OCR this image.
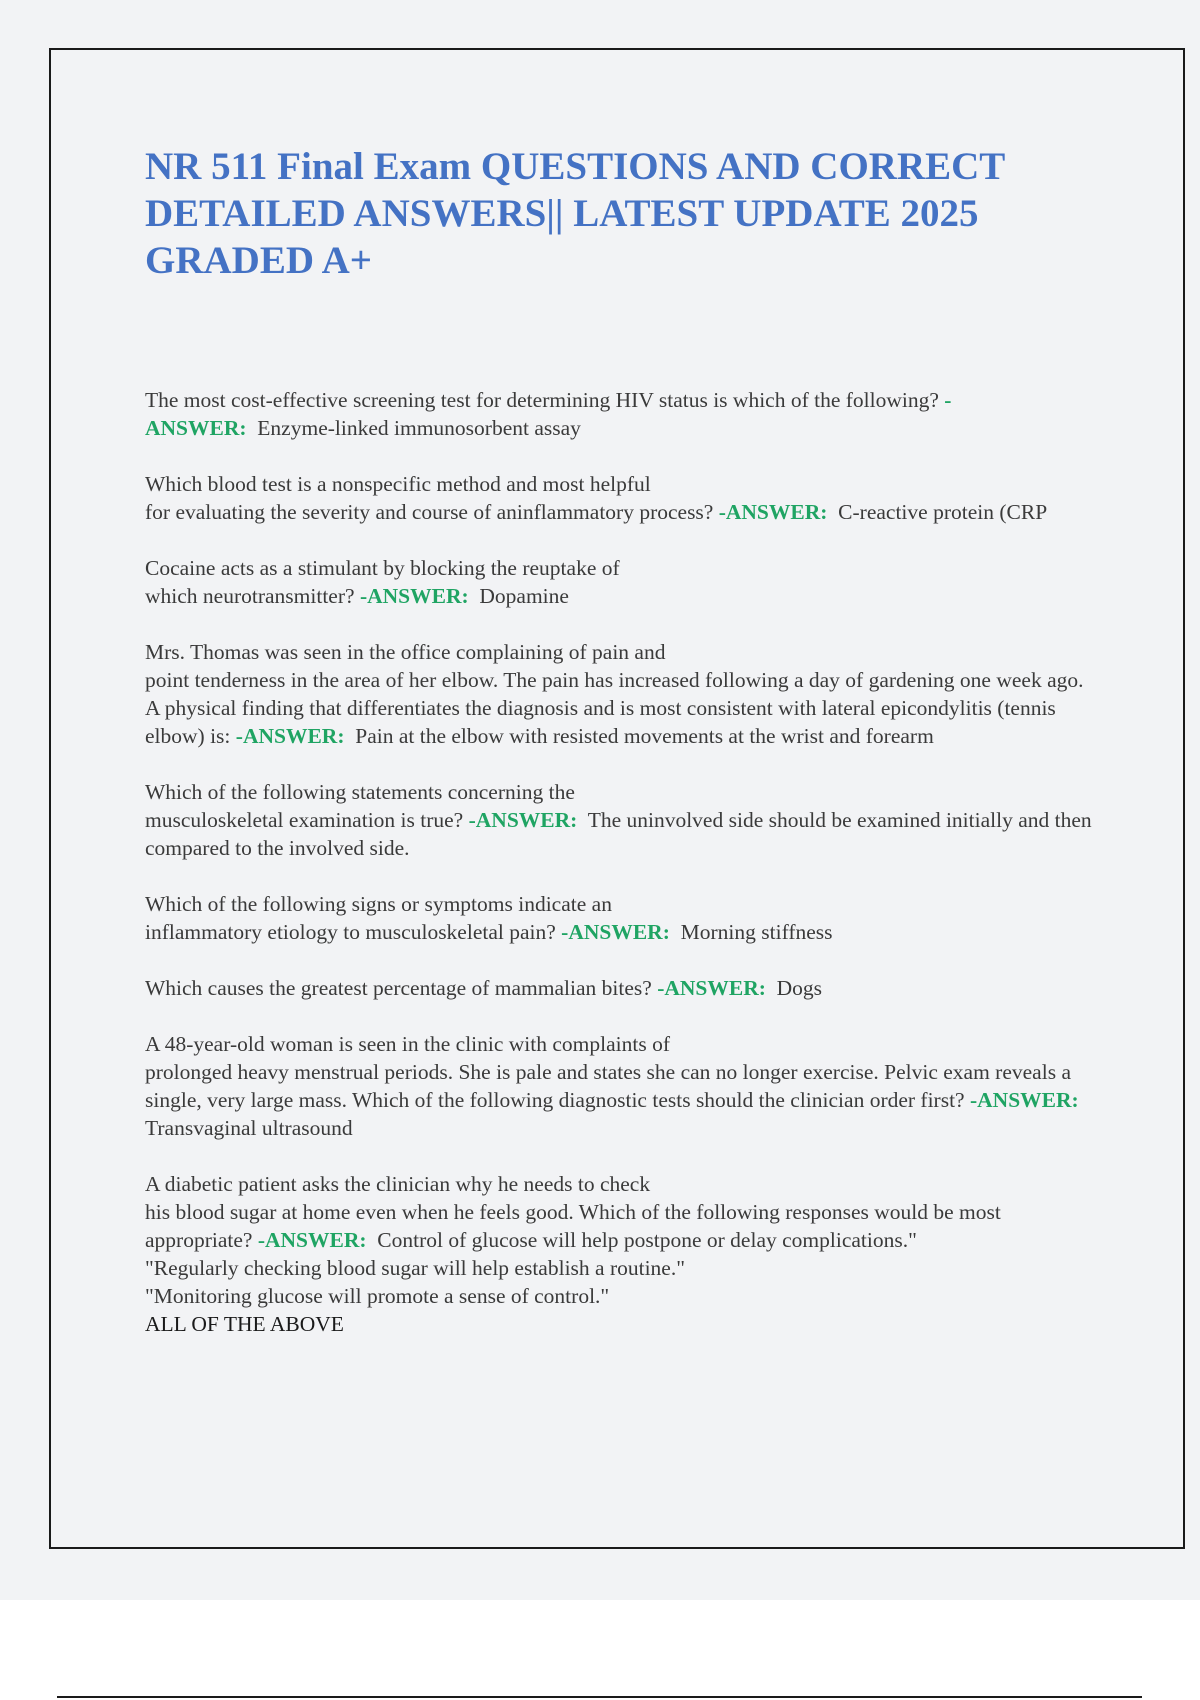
NR 511 Final Exam QUESTIONS AND CORRECT DETAILED ANSWERS|| LATEST UPDATE 2025 GRADED A+

The most cost-effective screening test for determining HIV status is which of the following? -
ANSWER: Enzyme-linked immunosorbent assay

Which blood test is a nonspecific method and most helpful
for evaluating the severity and course of aninflammatory process? -ANSWER: C-reactive protein (CRP

Cocaine acts as a stimulant by blocking the reuptake of
which neurotransmitter? -ANSWER: Dopamine

Mrs. Thomas was seen in the office complaining of pain and
point tenderness in the area of her elbow. The pain has increased following a day of gardening one week ago. A physical finding that differentiates the diagnosis and is most consistent with lateral epicondylitis (tennis elbow) is: -ANSWER: Pain at the elbow with resisted movements at the wrist and forearm

Which of the following statements concerning the
musculoskeletal examination is true? -ANSWER: The uninvolved side should be examined initially and then compared to the involved side.

Which of the following signs or symptoms indicate an
inflammatory etiology to musculoskeletal pain? -ANSWER: Morning stiffness

Which causes the greatest percentage of mammalian bites? -ANSWER: Dogs

A 48-year-old woman is seen in the clinic with complaints of
prolonged heavy menstrual periods. She is pale and states she can no longer exercise. Pelvic exam reveals a single, very large mass. Which of the following diagnostic tests should the clinician order first? -ANSWER:  Transvaginal ultrasound

A diabetic patient asks the clinician why he needs to check
his blood sugar at home even when he feels good. Which of the following responses would be most appropriate? -ANSWER: Control of glucose will help postpone or delay complications."
"Regularly checking blood sugar will help establish a routine."
"Monitoring glucose will promote a sense of control."
ALL OF THE ABOVE
